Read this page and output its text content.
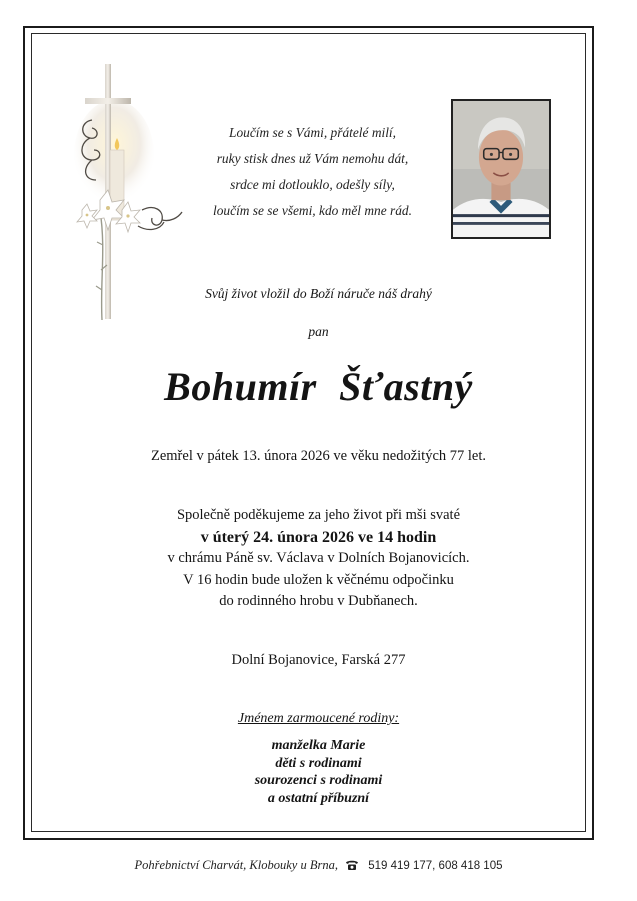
Loučím se s Vámi, přátelé milí,
ruky stisk dnes už Vám nemohu dát,
srdce mi dotlouklo, odešly síly,
loučím se se všemi, kdo měl mne rád.
Svůj život vložil do Boží náruče náš drahý
pan
Bohumír Šťastný
Zemřel v pátek 13. února 2026 ve věku nedožitých 77 let.
Společně poděkujeme za jeho život při mši svaté
v úterý 24. února 2026 ve 14 hodin
v chrámu Páně sv. Václava v Dolních Bojanovicích.
V 16 hodin bude uložen k věčnému odpočinku
do rodinného hrobu v Dubňanech.
Dolní Bojanovice, Farská 277
Jménem zarmoucené rodiny:
manželka Marie
děti s rodinami
sourozenci s rodinami
a ostatní příbuzní
Pohřebnictví Charvát, Klobouky u Brna,	519 419 177, 608 418 105
